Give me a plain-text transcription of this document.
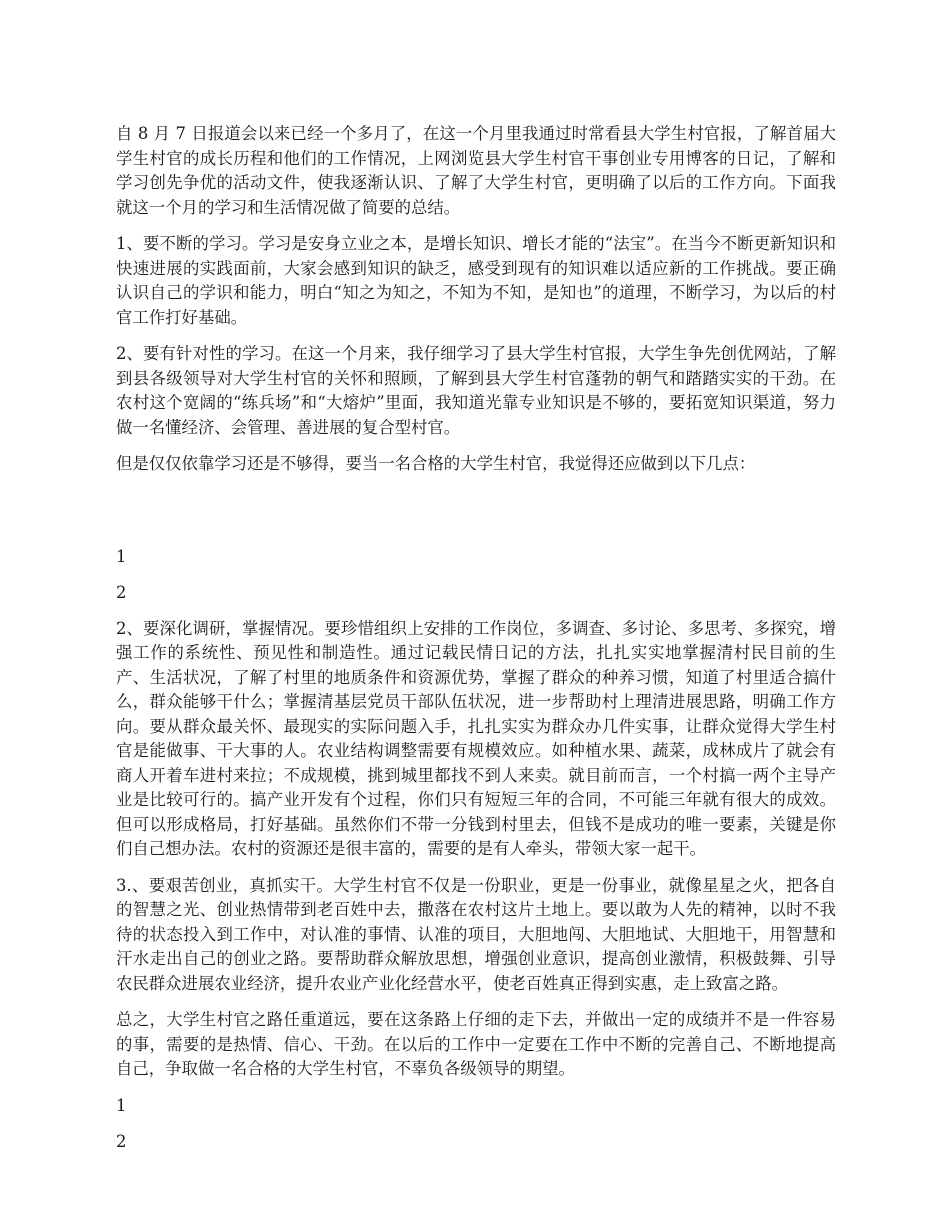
自 8 月 7 日报道会以来已经一个多月了，在这一个月里我通过时常看县大学生村官报，了解首届大学生村官的成长历程和他们的工作情况，上网浏览县大学生村官干事创业专用博客的日记，了解和学习创先争优的活动文件，使我逐渐认识、了解了大学生村官，更明确了以后的工作方向。下面我就这一个月的学习和生活情况做了简要的总结。

1、要不断的学习。学习是安身立业之本，是增长知识、增长才能的“法宝”。在当今不断更新知识和快速进展的实践面前，大家会感到知识的缺乏，感受到现有的知识难以适应新的工作挑战。要正确认识自己的学识和能力，明白“知之为知之，不知为不知，是知也”的道理，不断学习，为以后的村官工作打好基础。

2、要有针对性的学习。在这一个月来，我仔细学习了县大学生村官报，大学生争先创优网站，了解到县各级领导对大学生村官的关怀和照顾，了解到县大学生村官蓬勃的朝气和踏踏实实的干劲。在农村这个宽阔的“练兵场”和“大熔炉”里面，我知道光靠专业知识是不够的，要拓宽知识渠道，努力做一名懂经济、会管理、善进展的复合型村官。

但是仅仅依靠学习还是不够得，要当一名合格的大学生村官，我觉得还应做到以下几点：

1

2

2、要深化调研，掌握情况。要珍惜组织上安排的工作岗位，多调查、多讨论、多思考、多探究，增强工作的系统性、预见性和制造性。通过记载民情日记的方法，扎扎实实地掌握清村民目前的生产、生活状况，了解了村里的地质条件和资源优势，掌握了群众的种养习惯，知道了村里适合搞什么，群众能够干什么；掌握清基层党员干部队伍状况，进一步帮助村上理清进展思路，明确工作方向。要从群众最关怀、最现实的实际问题入手，扎扎实实为群众办几件实事，让群众觉得大学生村官是能做事、干大事的人。农业结构调整需要有规模效应。如种植水果、蔬菜，成林成片了就会有商人开着车进村来拉；不成规模，挑到城里都找不到人来卖。就目前而言，一个村搞一两个主导产业是比较可行的。搞产业开发有个过程，你们只有短短三年的合同，不可能三年就有很大的成效。但可以形成格局，打好基础。虽然你们不带一分钱到村里去，但钱不是成功的唯一要素，关键是你们自己想办法。农村的资源还是很丰富的，需要的是有人牵头，带领大家一起干。

3.、要艰苦创业，真抓实干。大学生村官不仅是一份职业，更是一份事业，就像星星之火，把各自的智慧之光、创业热情带到老百姓中去，撒落在农村这片土地上。要以敢为人先的精神，以时不我待的状态投入到工作中，对认准的事情、认准的项目，大胆地闯、大胆地试、大胆地干，用智慧和汗水走出自己的创业之路。要帮助群众解放思想，增强创业意识，提高创业激情，积极鼓舞、引导农民群众进展农业经济，提升农业产业化经营水平，使老百姓真正得到实惠，走上致富之路。

总之，大学生村官之路任重道远，要在这条路上仔细的走下去，并做出一定的成绩并不是一件容易的事，需要的是热情、信心、干劲。在以后的工作中一定要在工作中不断的完善自己、不断地提高自己，争取做一名合格的大学生村官，不辜负各级领导的期望。

1

2
